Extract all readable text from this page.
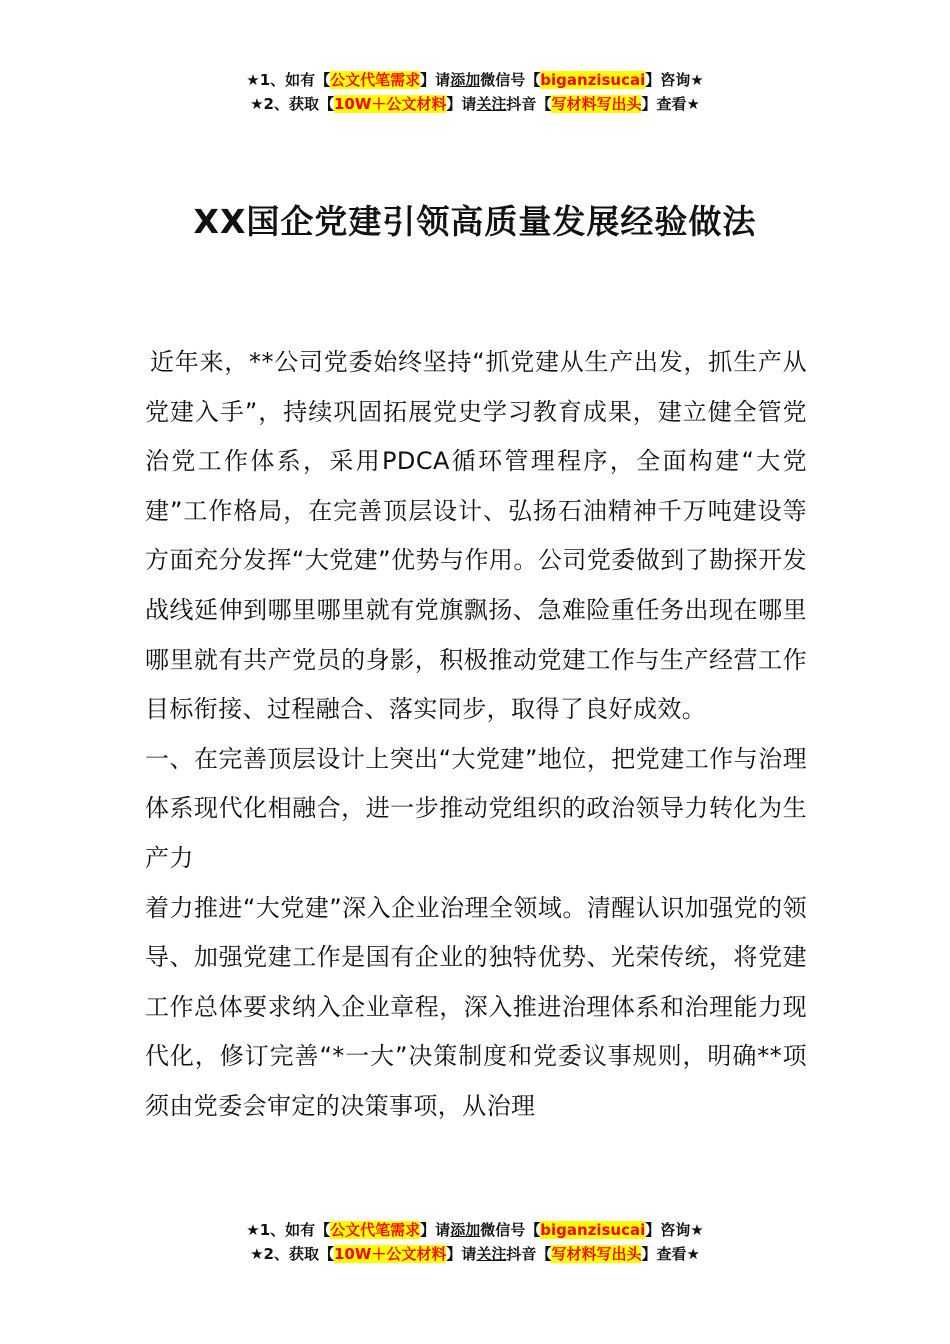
★1、如有【公文代笔需求】请添加微信号【biganzisucai】咨询★
★2、获取【10W＋公文材料】请关注抖音【写材料写出头】查看★
XX国企党建引领高质量发展经验做法

近年来，**公司党委始终坚持“抓党建从生产出发，抓生产从党建入手”，持续巩固拓展党史学习教育成果，建立健全管党治党工作体系，采用PDCA循环管理程序，全面构建“大党建”工作格局，在完善顶层设计、弘扬石油精神千万吨建设等方面充分发挥“大党建”优势与作用。公司党委做到了勘探开发战线延伸到哪里哪里就有党旗飘扬、急难险重任务出现在哪里哪里就有共产党员的身影，积极推动党建工作与生产经营工作目标衔接、过程融合、落实同步，取得了良好成效。

一、在完善顶层设计上突出“大党建”地位，把党建工作与治理体系现代化相融合，进一步推动党组织的政治领导力转化为生产力

着力推进“大党建”深入企业治理全领域。清醒认识加强党的领导、加强党建工作是国有企业的独特优势、光荣传统，将党建工作总体要求纳入企业章程，深入推进治理体系和治理能力现代化，修订完善“*一大”决策制度和党委议事规则，明确**项须由党委会审定的决策事项，从治理

★1、如有【公文代笔需求】请添加微信号【biganzisucai】咨询★
★2、获取【10W＋公文材料】请关注抖音【写材料写出头】查看★
